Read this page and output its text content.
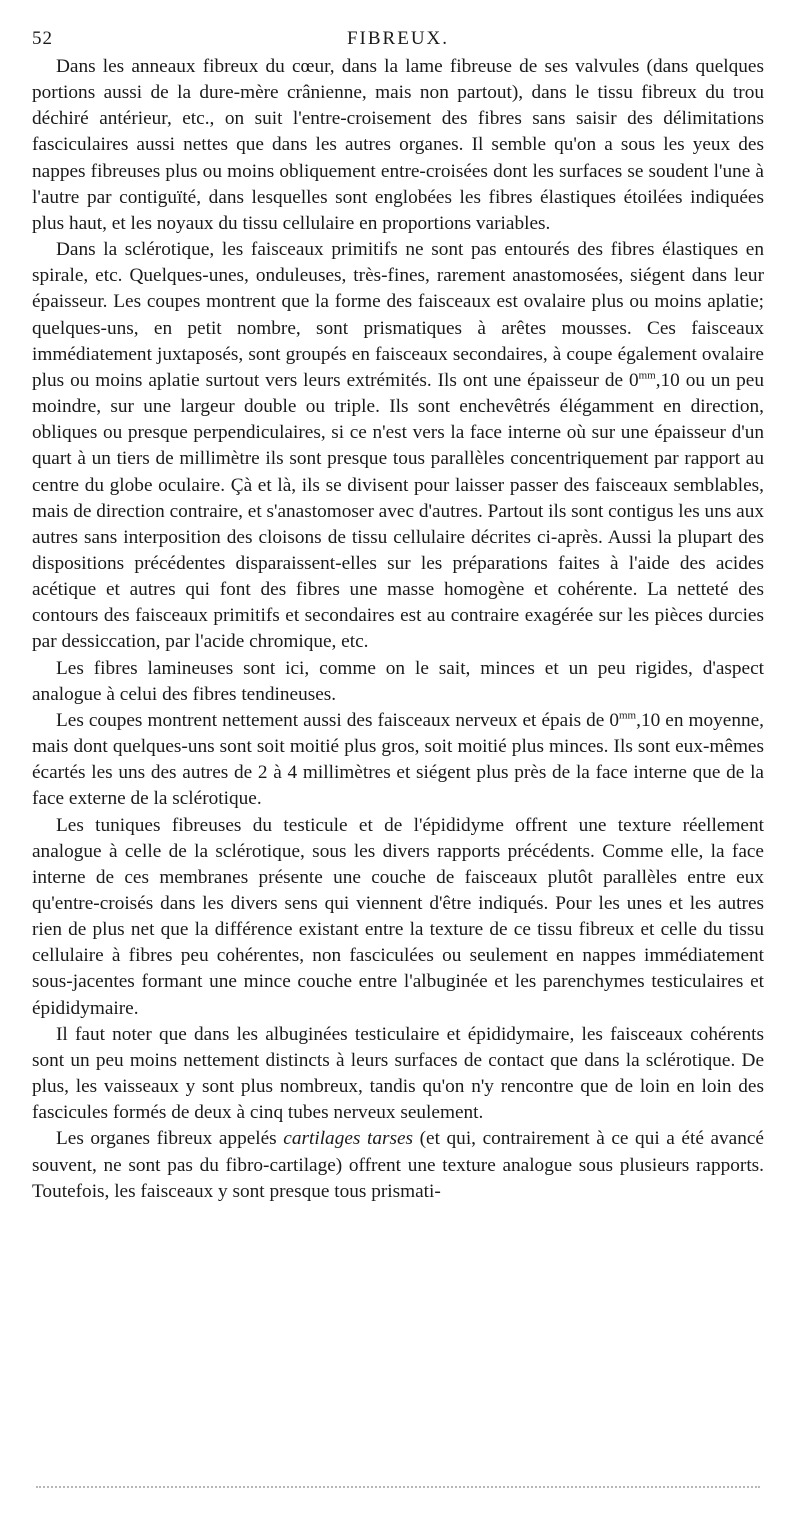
52	FIBREUX.

Dans les anneaux fibreux du cœur, dans la lame fibreuse de ses valvules (dans quelques portions aussi de la dure-mère crânienne, mais non partout), dans le tissu fibreux du trou déchiré antérieur, etc., on suit l'entre-croisement des fibres sans saisir des délimitations fasciculaires aussi nettes que dans les autres organes. Il semble qu'on a sous les yeux des nappes fibreuses plus ou moins obliquement entre-croisées dont les surfaces se soudent l'une à l'autre par contiguïté, dans lesquelles sont englobées les fibres élastiques étoilées indiquées plus haut, et les noyaux du tissu cellulaire en proportions variables.

Dans la sclérotique, les faisceaux primitifs ne sont pas entourés des fibres élastiques en spirale, etc. Quelques-unes, onduleuses, très-fines, rarement anastomosées, siégent dans leur épaisseur. Les coupes montrent que la forme des faisceaux est ovalaire plus ou moins aplatie; quelques-uns, en petit nombre, sont prismatiques à arêtes mousses. Ces faisceaux immédiatement juxtaposés, sont groupés en faisceaux secondaires, à coupe également ovalaire plus ou moins aplatie surtout vers leurs extrémités. Ils ont une épaisseur de $0^{mm},10$ ou un peu moindre, sur une largeur double ou triple. Ils sont enchevêtrés élégamment en direction, obliques ou presque perpendiculaires, si ce n'est vers la face interne où sur une épaisseur d'un quart à un tiers de millimètre ils sont presque tous parallèles concentriquement par rapport au centre du globe oculaire. Çà et là, ils se divisent pour laisser passer des faisceaux semblables, mais de direction contraire, et s'anastomoser avec d'autres. Partout ils sont contigus les uns aux autres sans interposition des cloisons de tissu cellulaire décrites ci-après. Aussi la plupart des dispositions précédentes disparaissent-elles sur les préparations faites à l'aide des acides acétique et autres qui font des fibres une masse homogène et cohérente. La netteté des contours des faisceaux primitifs et secondaires est au contraire exagérée sur les pièces durcies par dessiccation, par l'acide chromique, etc.

Les fibres lamineuses sont ici, comme on le sait, minces et un peu rigides, d'aspect analogue à celui des fibres tendineuses.

Les coupes montrent nettement aussi des faisceaux nerveux et épais de $0^{mm},10$ en moyenne, mais dont quelques-uns sont soit moitié plus gros, soit moitié plus minces. Ils sont eux-mêmes écartés les uns des autres de 2 à 4 millimètres et siégent plus près de la face interne que de la face externe de la sclérotique.

Les tuniques fibreuses du testicule et de l'épididyme offrent une texture réellement analogue à celle de la sclérotique, sous les divers rapports précédents. Comme elle, la face interne de ces membranes présente une couche de faisceaux plutôt parallèles entre eux qu'entre-croisés dans les divers sens qui viennent d'être indiqués. Pour les unes et les autres rien de plus net que la différence existant entre la texture de ce tissu fibreux et celle du tissu cellulaire à fibres peu cohérentes, non fasciculées ou seulement en nappes immédiatement sous-jacentes formant une mince couche entre l'albuginée et les parenchymes testiculaires et épididymaire.

Il faut noter que dans les albuginées testiculaire et épididymaire, les faisceaux cohérents sont un peu moins nettement distincts à leurs surfaces de contact que dans la sclérotique. De plus, les vaisseaux y sont plus nombreux, tandis qu'on n'y rencontre que de loin en loin des fascicules formés de deux à cinq tubes nerveux seulement.

Les organes fibreux appelés cartilages tarses (et qui, contrairement à ce qui a été avancé souvent, ne sont pas du fibro-cartilage) offrent une texture analogue sous plusieurs rapports. Toutefois, les faisceaux y sont presque tous prismati-
